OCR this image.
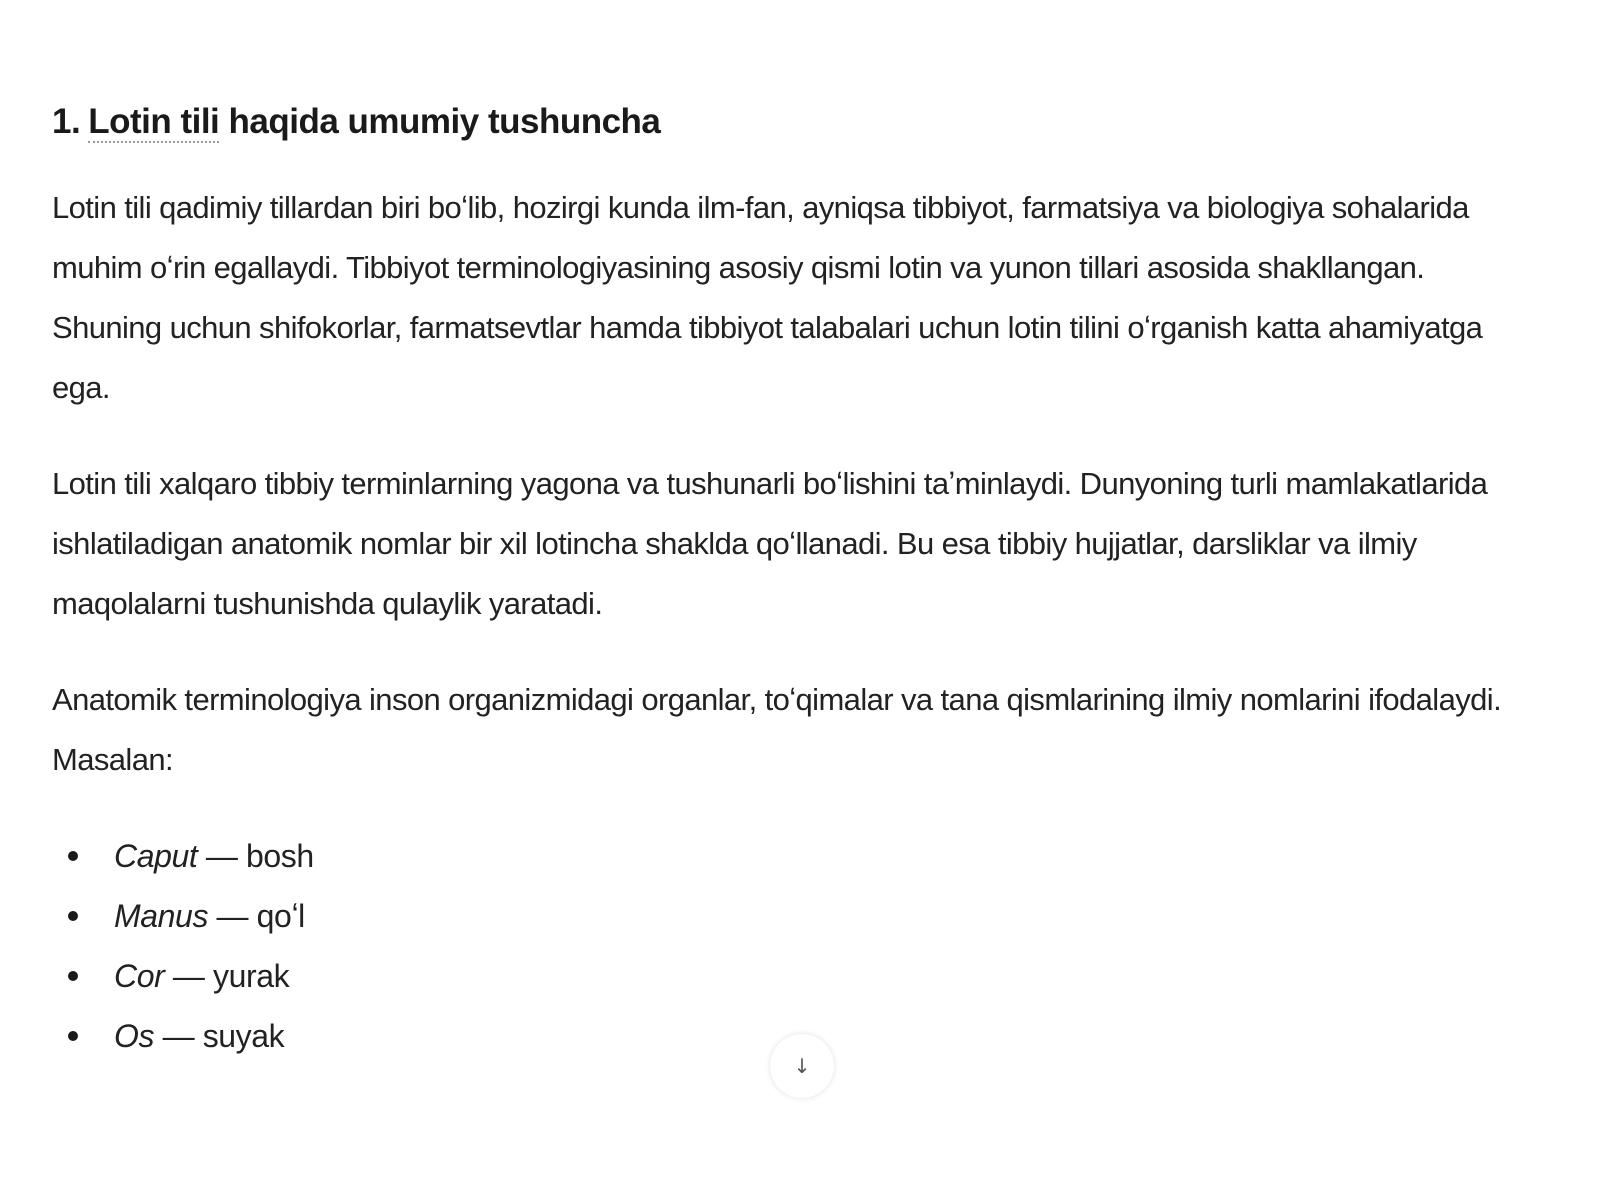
1. Lotin tili haqida umumiy tushuncha

Lotin tili qadimiy tillardan biri boʻlib, hozirgi kunda ilm-fan, ayniqsa tibbiyot, farmatsiya va biologiya sohalarida muhim oʻrin egallaydi. Tibbiyot terminologiyasining asosiy qismi lotin va yunon tillari asosida shakllangan. Shuning uchun shifokorlar, farmatsevtlar hamda tibbiyot talabalari uchun lotin tilini oʻrganish katta ahamiyatga ega.

Lotin tili xalqaro tibbiy terminlarning yagona va tushunarli boʻlishini taʼminlaydi. Dunyoning turli mamlakatlarida ishlatiladigan anatomik nomlar bir xil lotincha shaklda qoʻllanadi. Bu esa tibbiy hujjatlar, darsliklar va ilmiy maqolalarni tushunishda qulaylik yaratadi.

Anatomik terminologiya inson organizmidagi organlar, toʻqimalar va tana qismlarining ilmiy nomlarini ifodalaydi. Masalan:

Caput — bosh
Manus — qoʻl
Cor — yurak
Os — suyak
↓
